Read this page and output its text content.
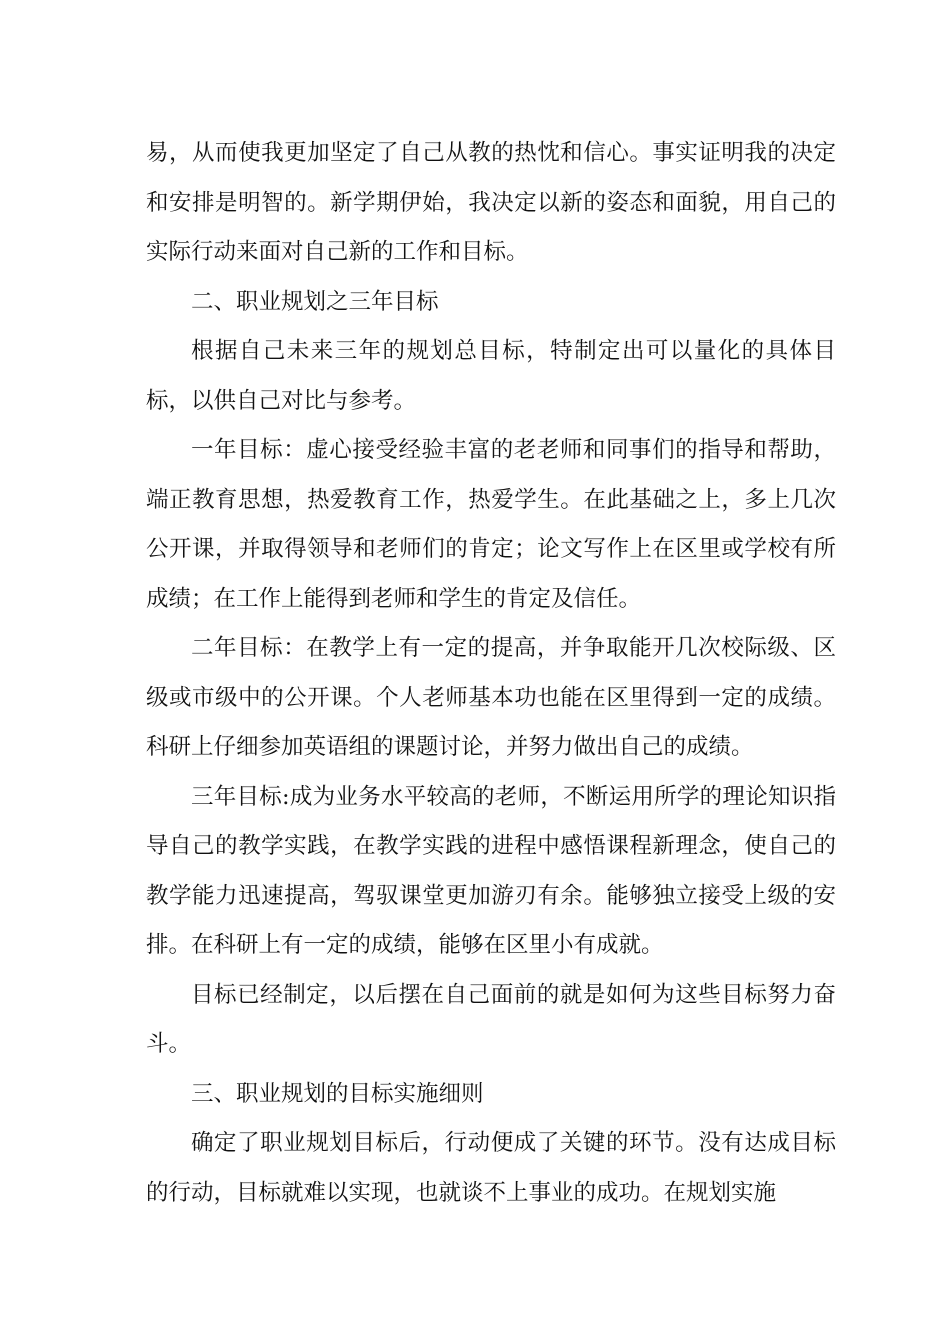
易，从而使我更加坚定了自己从教的热忱和信心。事实证明我的决定和安排是明智的。新学期伊始，我决定以新的姿态和面貌，用自己的实际行动来面对自己新的工作和目标。

二、职业规划之三年目标

根据自己未来三年的规划总目标，特制定出可以量化的具体目标，以供自己对比与参考。

一年目标：虚心接受经验丰富的老老师和同事们的指导和帮助，端正教育思想，热爱教育工作，热爱学生。在此基础之上，多上几次公开课，并取得领导和老师们的肯定；论文写作上在区里或学校有所成绩；在工作上能得到老师和学生的肯定及信任。

二年目标：在教学上有一定的提高，并争取能开几次校际级、区级或市级中的公开课。个人老师基本功也能在区里得到一定的成绩。科研上仔细参加英语组的课题讨论，并努力做出自己的成绩。

三年目标:成为业务水平较高的老师，不断运用所学的理论知识指导自己的教学实践，在教学实践的进程中感悟课程新理念，使自己的教学能力迅速提高，驾驭课堂更加游刃有余。能够独立接受上级的安排。在科研上有一定的成绩，能够在区里小有成就。

目标已经制定，以后摆在自己面前的就是如何为这些目标努力奋斗。

三、职业规划的目标实施细则

确定了职业规划目标后，行动便成了关键的环节。没有达成目标的行动，目标就难以实现，也就谈不上事业的成功。在规划实施
